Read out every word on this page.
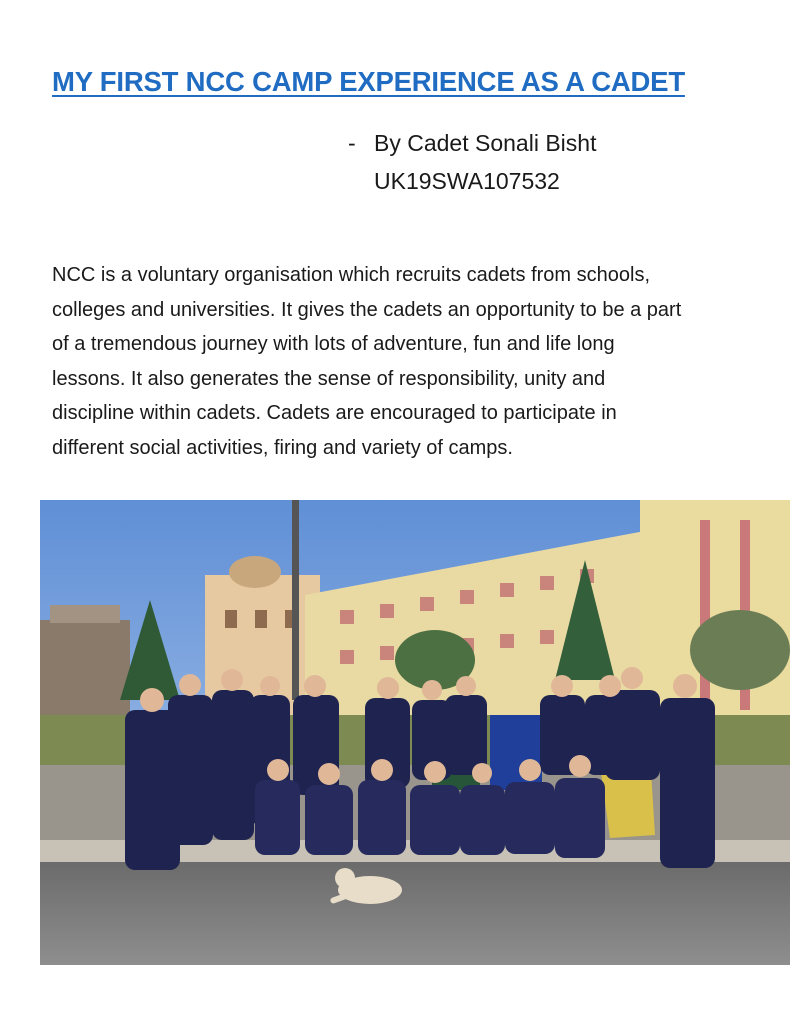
MY FIRST NCC CAMP EXPERIENCE AS A CADET
- By Cadet Sonali Bisht
UK19SWA107532
NCC is a voluntary organisation which recruits cadets from schools,
colleges and universities. It gives the cadets an opportunity to be a part
of a tremendous journey with lots of adventure, fun and life long
lessons. It also generates the sense of responsibility, unity and
discipline within cadets. Cadets are encouraged to participate in
different social activities, firing and variety of camps.
